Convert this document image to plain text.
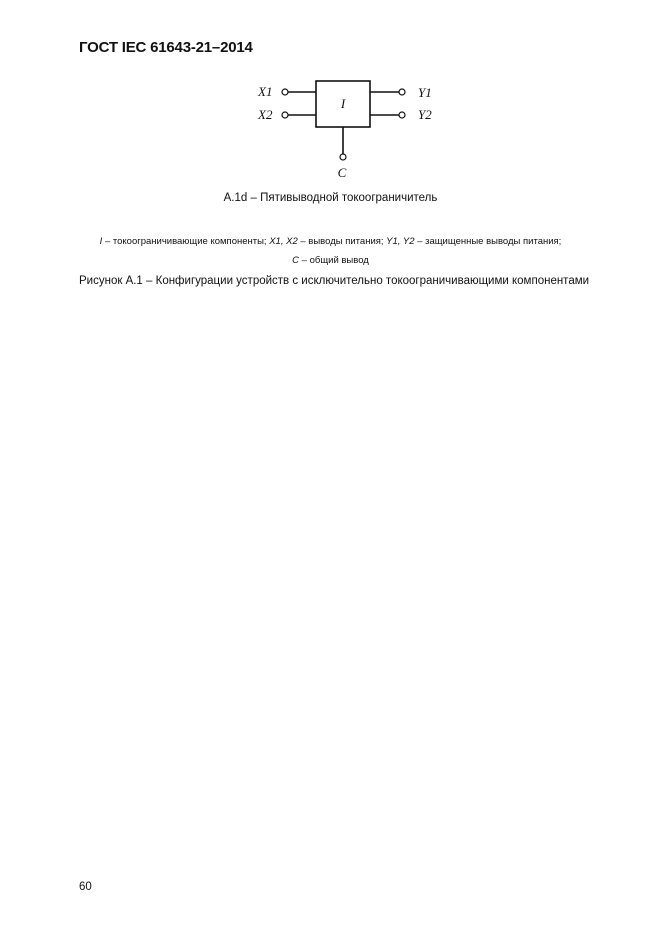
ГОСТ IEC 61643-21–2014
I
X1
X2
Y1
Y2
C
А.1d – Пятивыводной токоограничитель
I – токоограничивающие компоненты; X1, X2 – выводы питания; Y1, Y2 – защищенные выводы питания;
C – общий вывод
Рисунок А.1 – Конфигурации устройств с исключительно токоограничивающими компонентами
60
